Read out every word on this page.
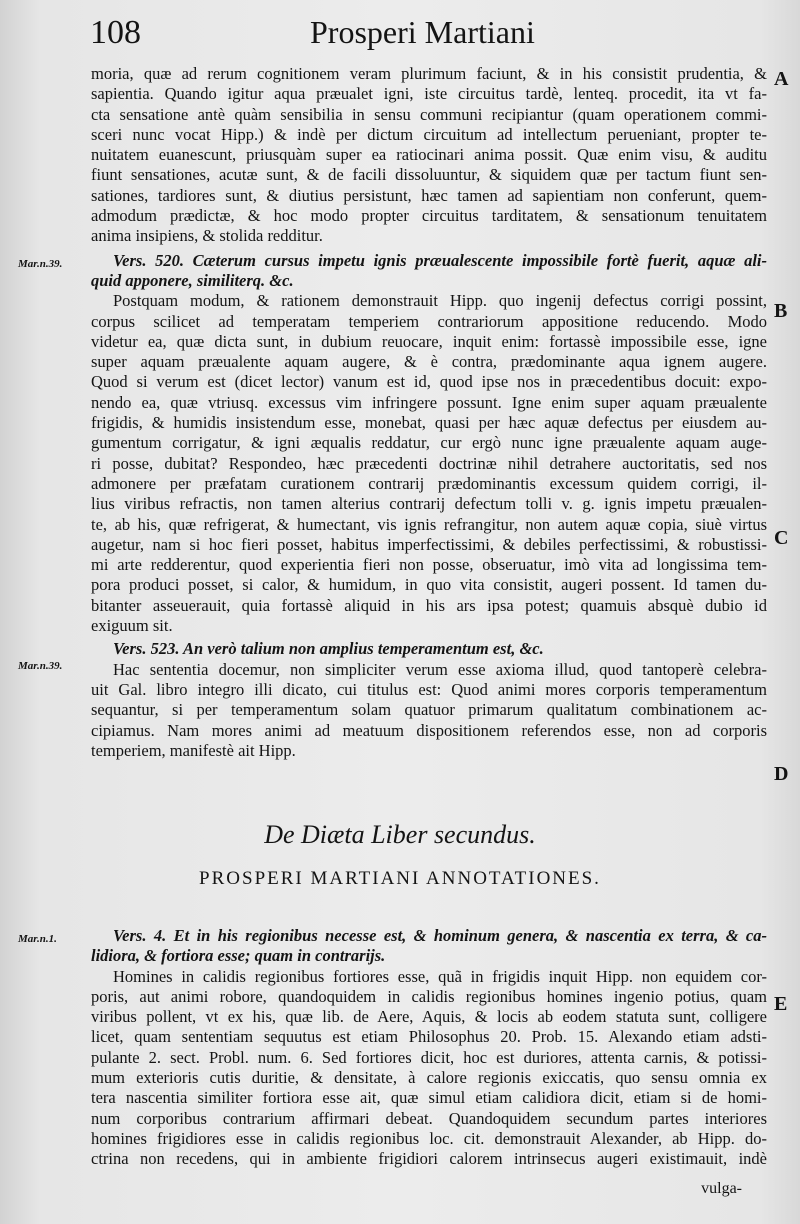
108	Prosperi Martiani
Mar.n.39.
Mar.n.39.
Mar.n.1.
A
B
C
D
E
moria, quæ ad rerum cognitionem veram plurimum faciunt, & in his consistit prudentia, &
sapientia. Quando igitur aqua præualet igni, iste circuitus tardè, lenteq. procedit, ita vt fa-
cta sensatione antè quàm sensibilia in sensu communi recipiantur (quam operationem commi-
sceri nunc vocat Hipp.) & indè per dictum circuitum ad intellectum perueniant, propter te-
nuitatem euanescunt, priusquàm super ea ratiocinari anima possit. Quæ enim visu, & auditu
fiunt sensationes, acutæ sunt, & de facili dissoluuntur, & siquidem quæ per tactum fiunt sen-
sationes, tardiores sunt, & diutius persistunt, hæc tamen ad sapientiam non conferunt, quem-
admodum prædictæ, & hoc modo propter circuitus tarditatem, & sensationum tenuitatem
anima insipiens, & stolida redditur.
Vers. 520. Cæterum cursus impetu ignis præualescente impossibile fortè fuerit, aquæ ali-
quid apponere, similiterq. &c.
Postquam modum, & rationem demonstrauit Hipp. quo ingenij defectus corrigi possint,
corpus scilicet ad temperatam temperiem contrariorum appositione reducendo. Modo
videtur ea, quæ dicta sunt, in dubium reuocare, inquit enim: fortassè impossibile esse, igne
super aquam præualente aquam augere, & è contra, prædominante aqua ignem augere.
Quod si verum est (dicet lector) vanum est id, quod ipse nos in præcedentibus docuit: expo-
nendo ea, quæ vtriusq. excessus vim infringere possunt. Igne enim super aquam præualente
frigidis, & humidis insistendum esse, monebat, quasi per hæc aquæ defectus per eiusdem au-
gumentum corrigatur, & igni æqualis reddatur, cur ergò nunc igne præualente aquam auge-
ri posse, dubitat? Respondeo, hæc præcedenti doctrinæ nihil detrahere auctoritatis, sed nos
admonere per præfatam curationem contrarij prædominantis excessum quidem corrigi, il-
lius viribus refractis, non tamen alterius contrarij defectum tolli v. g. ignis impetu præualen-
te, ab his, quæ refrigerat, & humectant, vis ignis refrangitur, non autem aquæ copia, siuè virtus
augetur, nam si hoc fieri posset, habitus imperfectissimi, & debiles perfectissimi, & robustissi-
mi arte redderentur, quod experientia fieri non posse, obseruatur, imò vita ad longissima tem-
pora produci posset, si calor, & humidum, in quo vita consistit, augeri possent. Id tamen du-
bitanter asseuerauit, quia fortassè aliquid in his ars ipsa potest; quamuis absquè dubio id
exiguum sit.
Vers. 523. An verò talium non amplius temperamentum est, &c.
Hac sententia docemur, non simpliciter verum esse axioma illud, quod tantoperè celebra-
uit Gal. libro integro illi dicato, cui titulus est: Quod animi mores corporis temperamentum
sequantur, si per temperamentum solam quatuor primarum qualitatum combinationem ac-
cipiamus. Nam mores animi ad meatuum dispositionem referendos esse, non ad corporis
temperiem, manifestè ait Hipp.
De Diæta Liber secundus.
PROSPERI MARTIANI ANNOTATIONES.
Vers. 4. Et in his regionibus necesse est, & hominum genera, & nascentia ex terra, & ca-
lidiora, & fortiora esse; quam in contrarijs.
Homines in calidis regionibus fortiores esse, quã in frigidis inquit Hipp. non equidem cor-
poris, aut animi robore, quandoquidem in calidis regionibus homines ingenio potius, quam
viribus pollent, vt ex his, quæ lib. de Aere, Aquis, & locis ab eodem statuta sunt, colligere
licet, quam sententiam sequutus est etiam Philosophus 20. Prob. 15. Alexando etiam adsti-
pulante 2. sect. Probl. num. 6. Sed fortiores dicit, hoc est duriores, attenta carnis, & potissi-
mum exterioris cutis duritie, & densitate, à calore regionis exiccatis, quo sensu omnia ex
tera nascentia similiter fortiora esse ait, quæ simul etiam calidiora dicit, etiam si de homi-
num corporibus contrarium affirmari debeat. Quandoquidem secundum partes interiores
homines frigidiores esse in calidis regionibus loc. cit. demonstrauit Alexander, ab Hipp. do-
ctrina non recedens, qui in ambiente frigidiori calorem intrinsecus augeri existimauit, indè
vulga-
